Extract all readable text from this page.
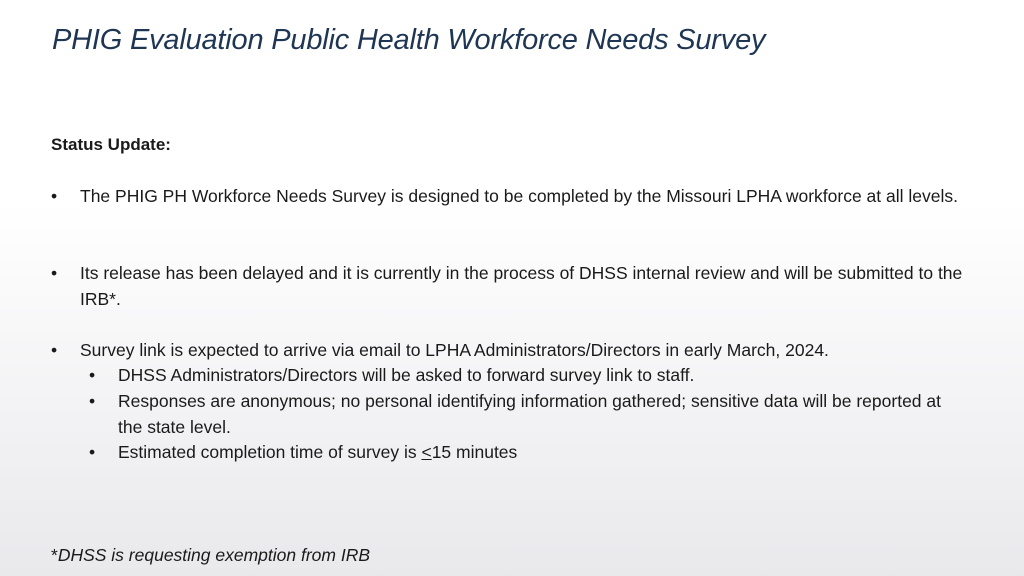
PHIG Evaluation Public Health Workforce Needs Survey
Status Update:
•	The PHIG PH Workforce Needs Survey is designed to be completed by the Missouri LPHA workforce at all levels.
•	Its release has been delayed and it is currently in the process of DHSS internal review and will be submitted to the IRB*.
•	Survey link is expected to arrive via email to LPHA Administrators/Directors in early March, 2024.
•	DHSS Administrators/Directors will be asked to forward survey link to staff.
•	Responses are anonymous; no personal identifying information gathered; sensitive data will be reported at the state level.
•	Estimated completion time of survey is <15 minutes
*DHSS is requesting exemption from IRB
